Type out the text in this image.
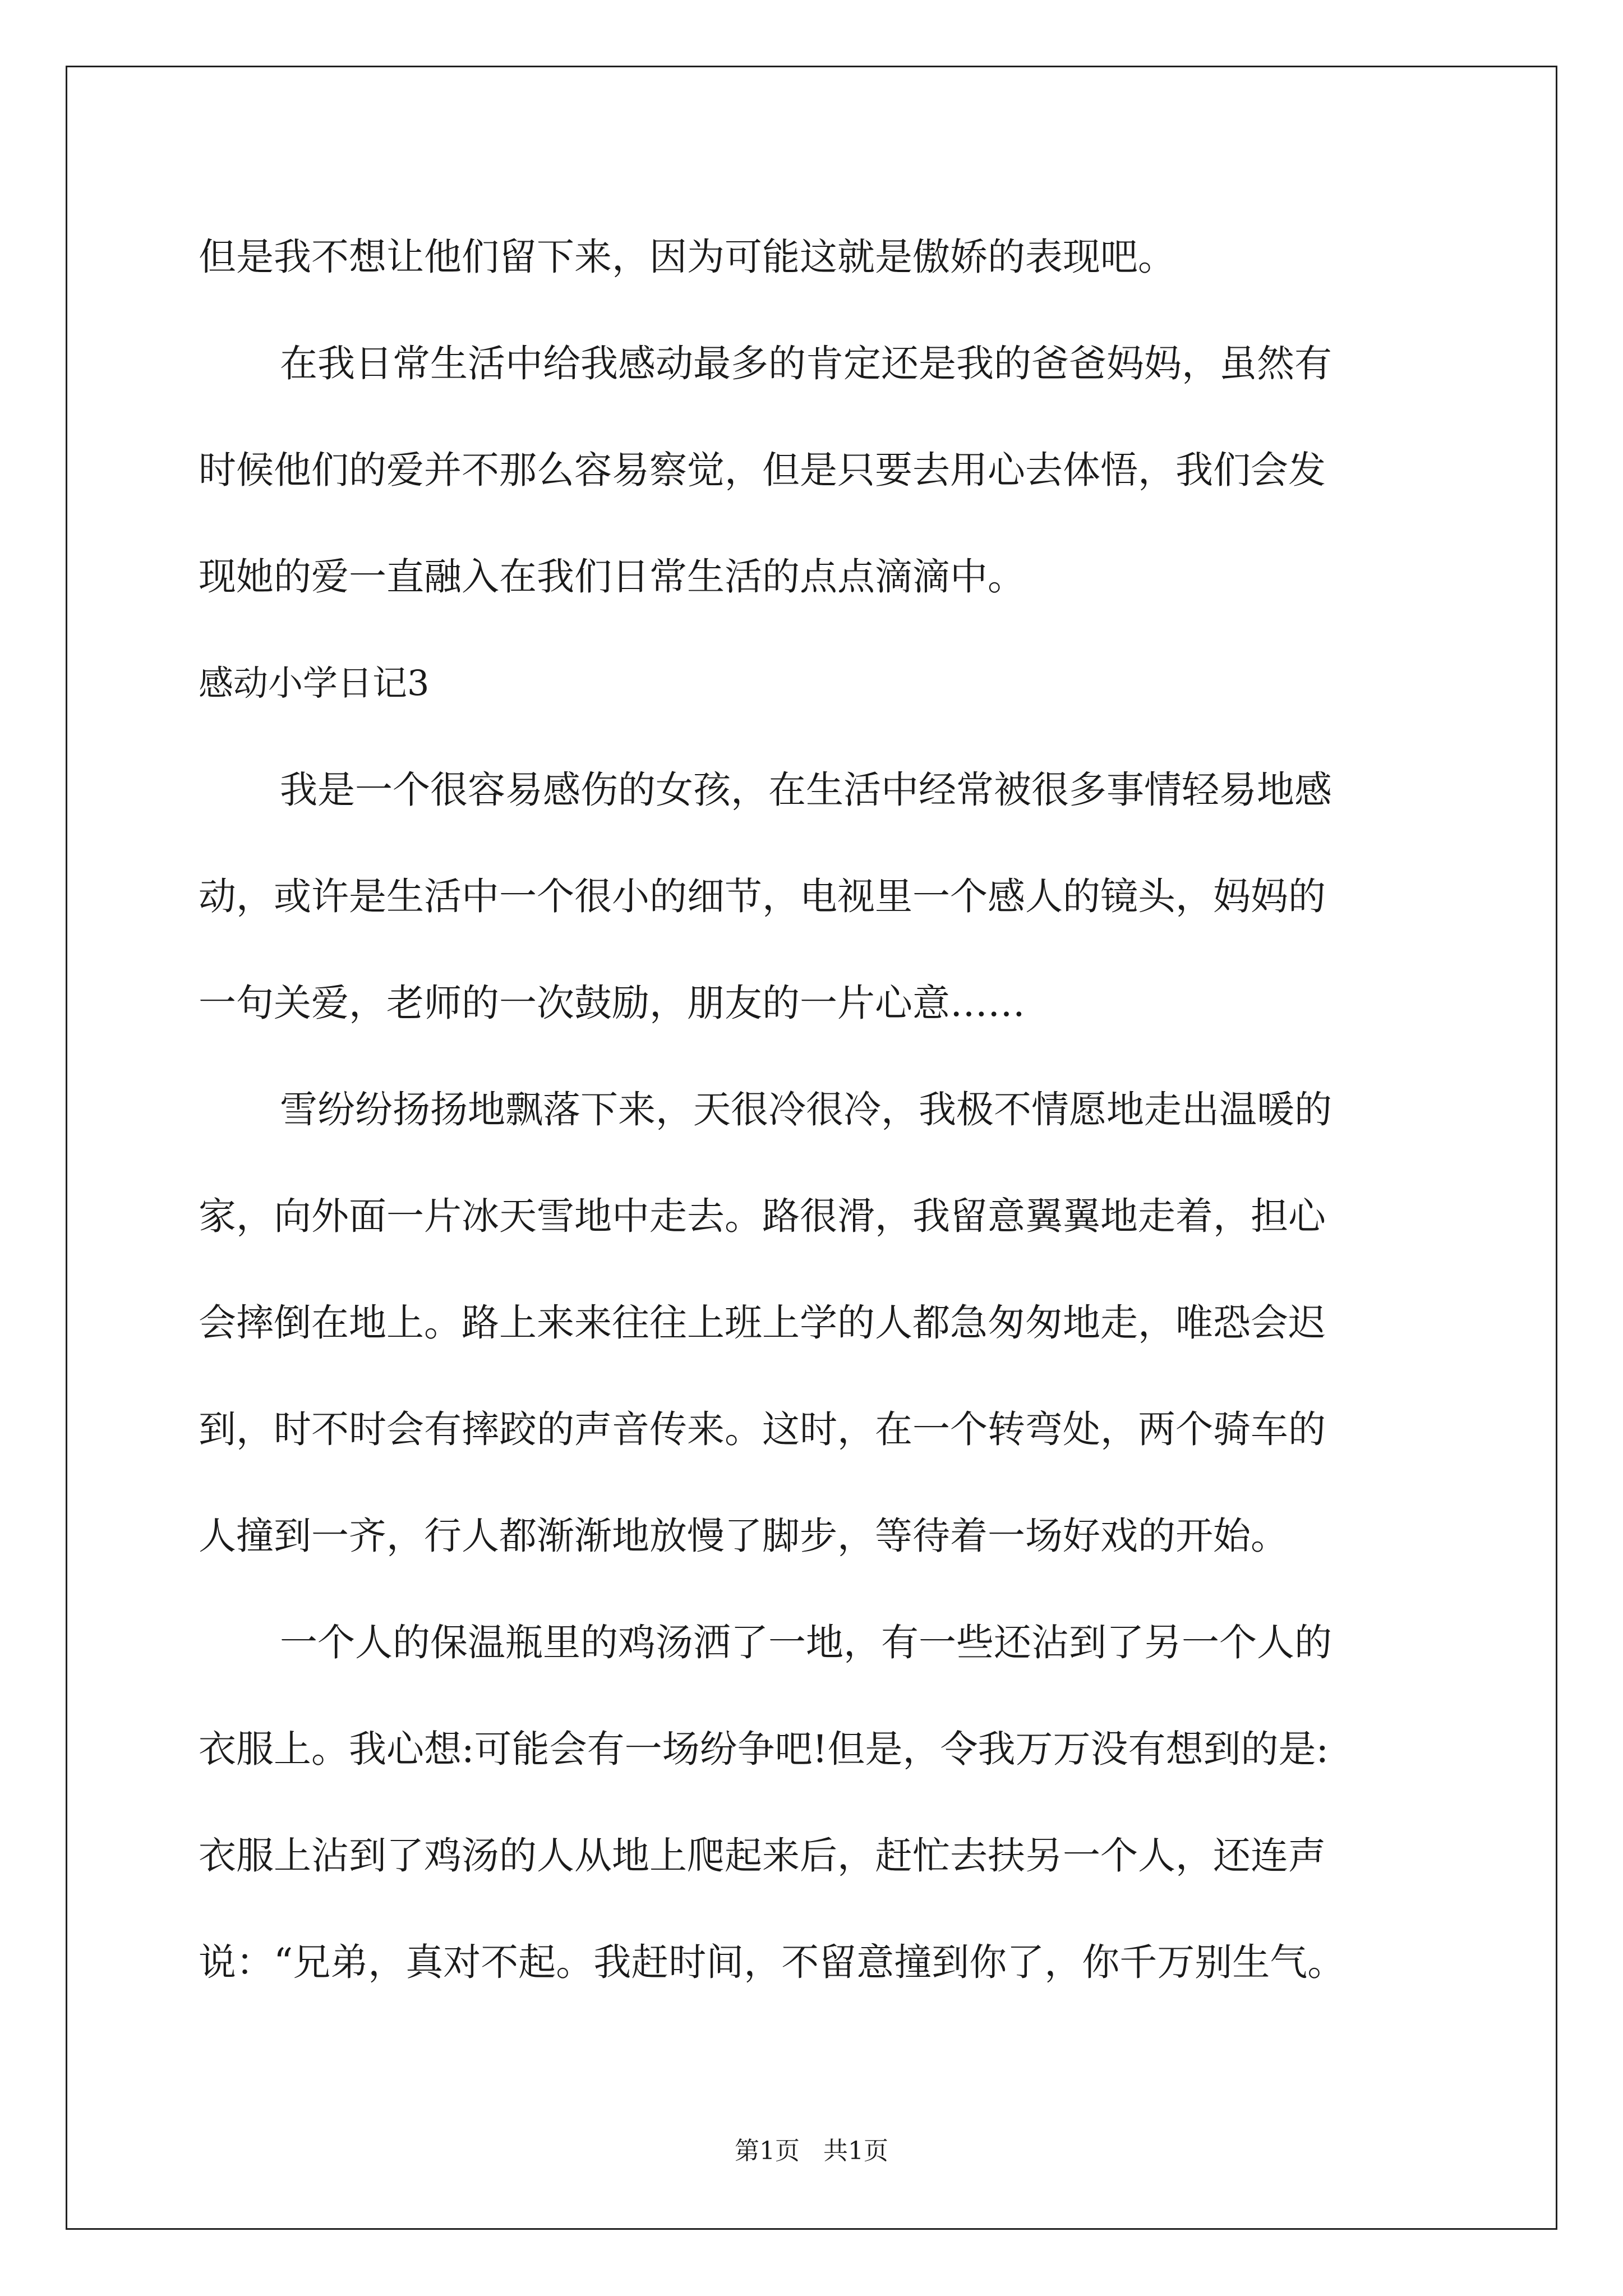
但是我不想让他们留下来，因为可能这就是傲娇的表现吧。
在我日常生活中给我感动最多的肯定还是我的爸爸妈妈，虽然有
时候他们的爱并不那么容易察觉，但是只要去用心去体悟，我们会发
现她的爱一直融入在我们日常生活的点点滴滴中。
感动小学日记3
我是一个很容易感伤的女孩，在生活中经常被很多事情轻易地感
动，或许是生活中一个很小的细节，电视里一个感人的镜头，妈妈的
一句关爱，老师的一次鼓励，朋友的一片心意……
雪纷纷扬扬地飘落下来，天很冷很冷，我极不情愿地走出温暖的
家，向外面一片冰天雪地中走去。路很滑，我留意翼翼地走着，担心
会摔倒在地上。路上来来往往上班上学的人都急匆匆地走，唯恐会迟
到，时不时会有摔跤的声音传来。这时，在一个转弯处，两个骑车的
人撞到一齐，行人都渐渐地放慢了脚步，等待着一场好戏的开始。
一个人的保温瓶里的鸡汤洒了一地，有一些还沾到了另一个人的
衣服上。我心想:可能会有一场纷争吧!但是，令我万万没有想到的是:
衣服上沾到了鸡汤的人从地上爬起来后，赶忙去扶另一个人，还连声
说：“兄弟，真对不起。我赶时间，不留意撞到你了，你千万别生气。
第1页   共1页
